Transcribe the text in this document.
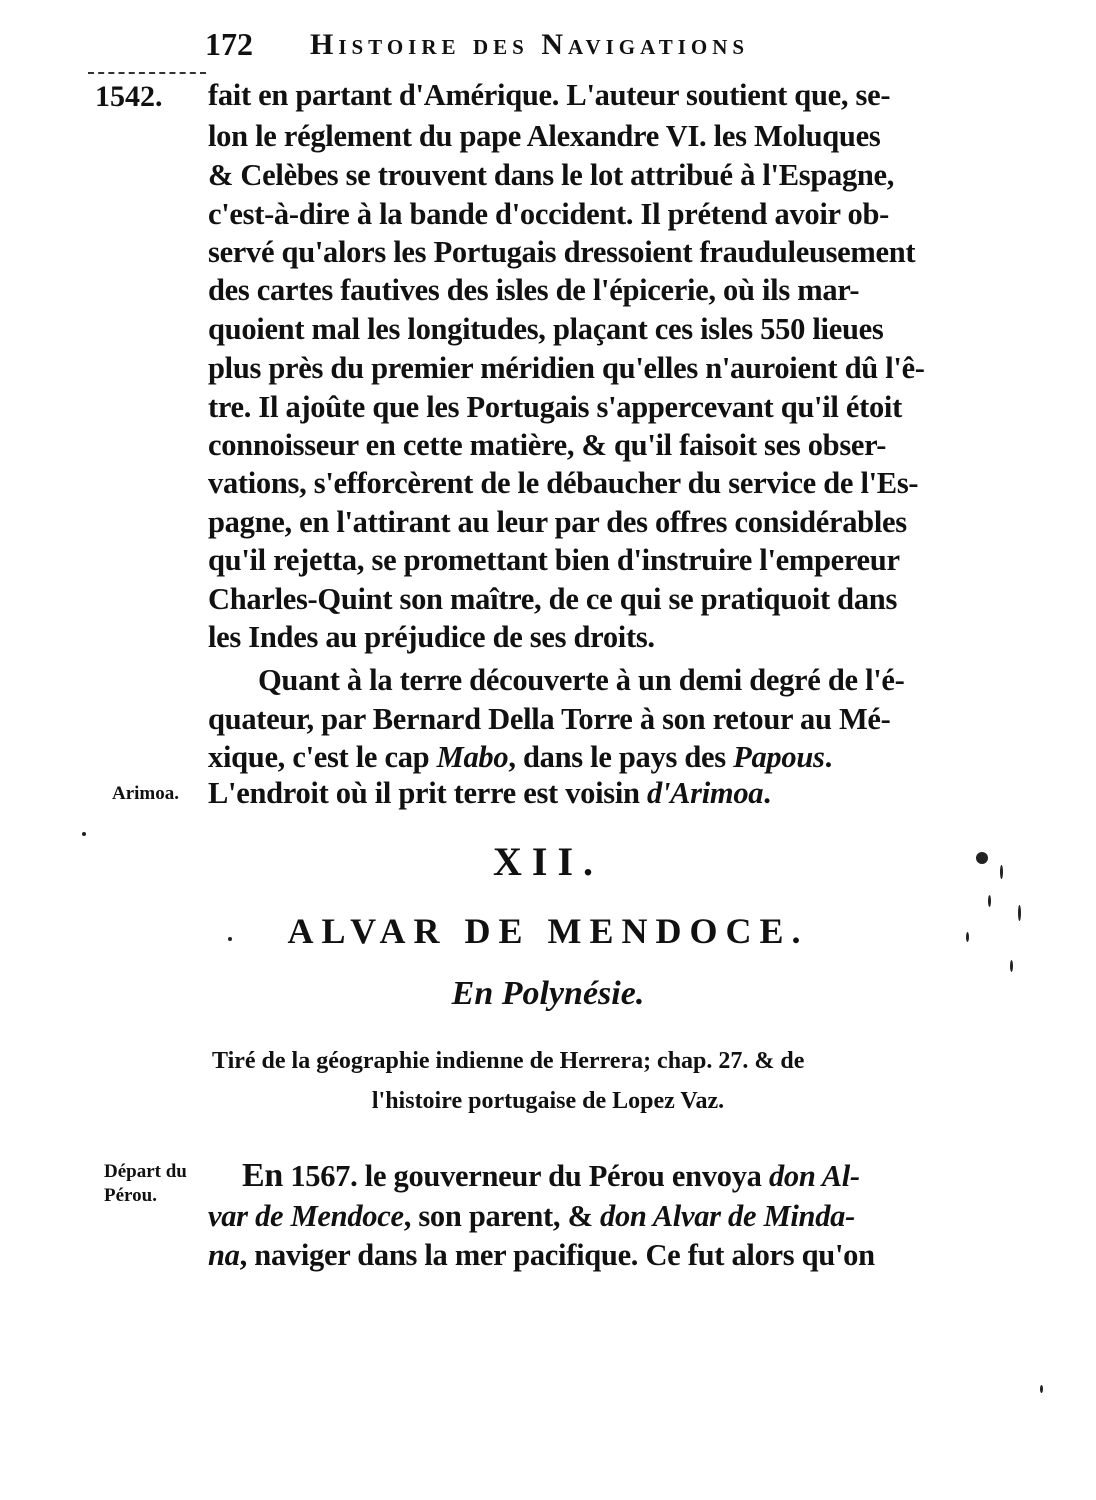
172 Histoire des Navigations
1542. fait en partant d'Amérique. L'auteur soutient que, se-
lon le réglement du pape Alexandre VI. les Moluques
& Celèbes se trouvent dans le lot attribué à l'Espagne,
c'est-à-dire à la bande d'occident. Il prétend avoir ob-
servé qu'alors les Portugais dressoient frauduleusement
des cartes fautives des isles de l'épicerie, où ils mar-
quoient mal les longitudes, plaçant ces isles 550 lieues
plus près du premier méridien qu'elles n'auroient dû l'ê-
tre. Il ajoûte que les Portugais s'appercevant qu'il étoit
connoisseur en cette matière, & qu'il faisoit ses obser-
vations, s'efforcèrent de le débaucher du service de l'Es-
pagne, en l'attirant au leur par des offres considérables
qu'il rejetta, se promettant bien d'instruire l'empereur
Charles-Quint son maître, de ce qui se pratiquoit dans
les Indes au préjudice de ses droits.
Quant à la terre découverte à un demi degré de l'é-
quateur, par Bernard Della Torre à son retour au Mé-
xique, c'est le cap Mabo, dans le pays des Papous.
Arimoa. L'endroit où il prit terre est voisin d'Arimoa.
XII.
ALVAR DE MENDOCE.
En Polynésie.
Tiré de la géographie indienne de Herrera; chap. 27. & de
l'histoire portugaise de Lopez Vaz.
Départ du
Pérou.
En 1567. le gouverneur du Pérou envoya don Al-
var de Mendoce, son parent, & don Alvar de Minda-
na, naviger dans la mer pacifique. Ce fut alors qu'on
